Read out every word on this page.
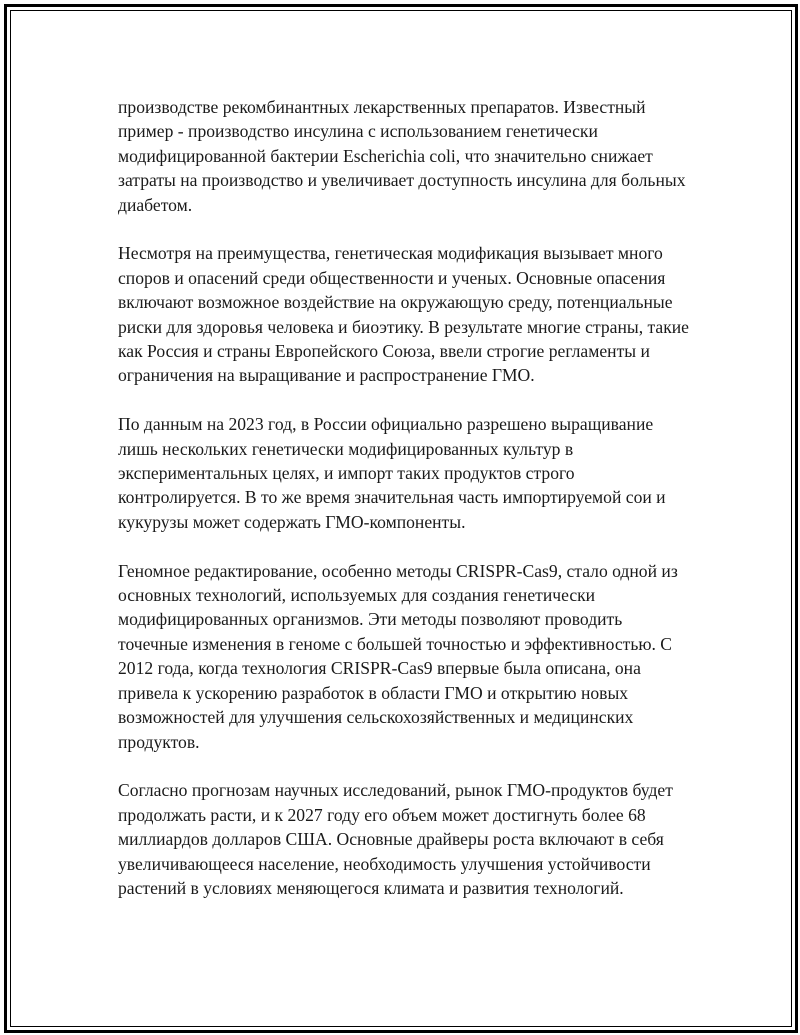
производстве рекомбинантных лекарственных препаратов. Известный пример - производство инсулина с использованием генетически модифицированной бактерии Escherichia coli, что значительно снижает затраты на производство и увеличивает доступность инсулина для больных диабетом.

Несмотря на преимущества, генетическая модификация вызывает много споров и опасений среди общественности и ученых. Основные опасения включают возможное воздействие на окружающую среду, потенциальные риски для здоровья человека и биоэтику. В результате многие страны, такие как Россия и страны Европейского Союза, ввели строгие регламенты и ограничения на выращивание и распространение ГМО.

По данным на 2023 год, в России официально разрешено выращивание лишь нескольких генетически модифицированных культур в экспериментальных целях, и импорт таких продуктов строго контролируется. В то же время значительная часть импортируемой сои и кукурузы может содержать ГМО-компоненты.

Геномное редактирование, особенно методы CRISPR-Cas9, стало одной из основных технологий, используемых для создания генетически модифицированных организмов. Эти методы позволяют проводить точечные изменения в геноме с большей точностью и эффективностью. С 2012 года, когда технология CRISPR-Cas9 впервые была описана, она привела к ускорению разработок в области ГМО и открытию новых возможностей для улучшения сельскохозяйственных и медицинских продуктов.

Согласно прогнозам научных исследований, рынок ГМО-продуктов будет продолжать расти, и к 2027 году его объем может достигнуть более 68 миллиардов долларов США. Основные драйверы роста включают в себя увеличивающееся население, необходимость улучшения устойчивости растений в условиях меняющегося климата и развития технологий.
